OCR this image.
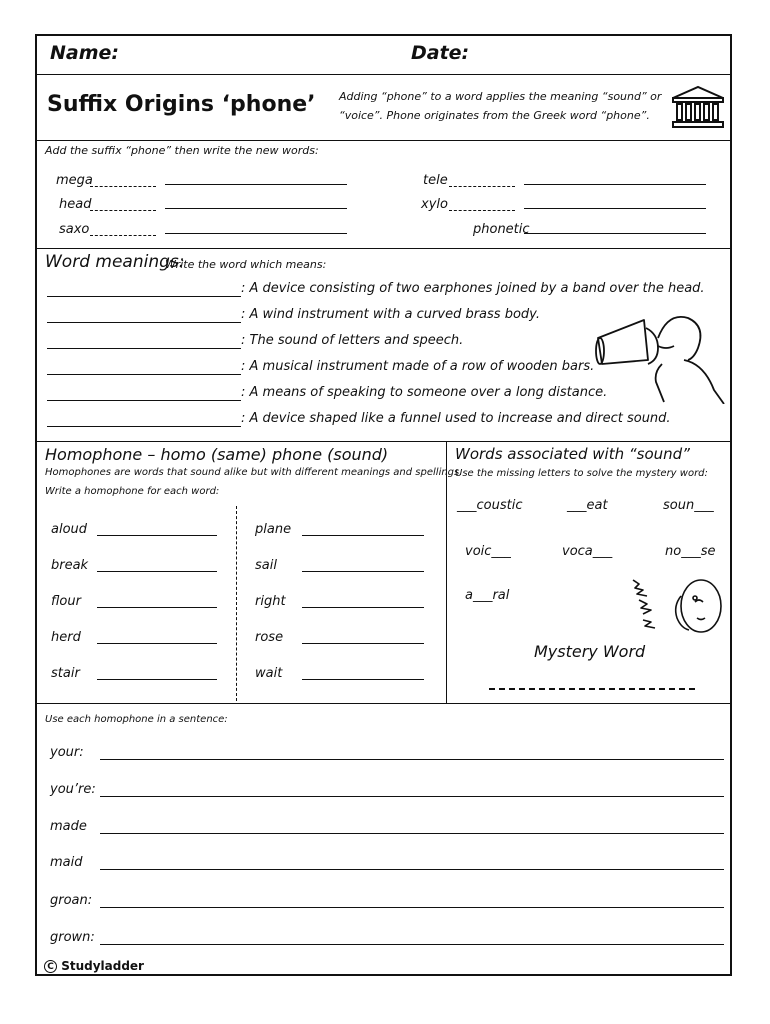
Name:	Date:
Suffix Origins ‘phone’ Adding “phone” to a word applies the meaning “sound” or
“voice”. Phone originates from the Greek word “phone”.
Add the suffix “phone” then write the new words:
mega
head
saxo
tele
xylo
phonetic
Word meanings:
Write the word which means:
: A device consisting of two earphones joined by a band over the head.
: A wind instrument with a curved brass body.
: The sound of letters and speech.
: A musical instrument made of a row of wooden bars.
: A means of speaking to someone over a long distance.
: A device shaped like a funnel used to increase and direct sound.
Homophone – homo (same) phone (sound)
Homophones are words that sound alike but with different meanings and spellings.
Write a homophone for each word:
aloud
break
flour
herd
stair
plane
sail
right
rose
wait
Words associated with “sound”
Use the missing letters to solve the mystery word:
___coustic	___eat	soun___
voic___	voca___	no___se
a___ral
Mystery Word
Use each homophone in a sentence:
your:
you’re:
made
maid
groan:
grown:
C Studyladder
